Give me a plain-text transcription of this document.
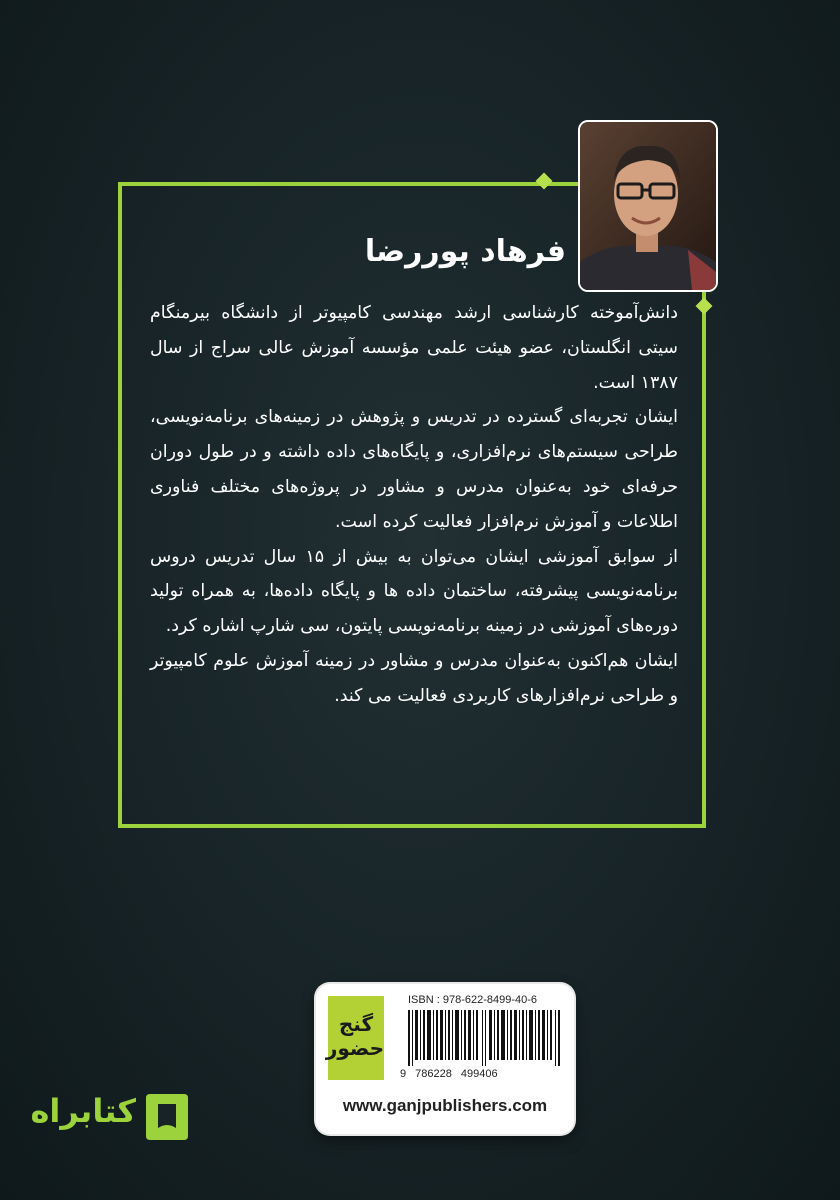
فرهاد پوررضا

دانش‌آموخته کارشناسی ارشد مهندسی کامپیوتر از دانشگاه بیرمنگام سیتی انگلستان، عضو هیئت علمی مؤسسه آموزش عالی سراج از سال ۱۳۸۷ است.

ایشان تجربه‌ای گسترده در تدریس و پژوهش در زمینه‌های برنامه‌نویسی، طراحی سیستم‌های نرم‌افزاری، و پایگاه‌های داده داشته و در طول دوران حرفه‌ای خود به‌عنوان مدرس و مشاور در پروژه‌های مختلف فناوری اطلاعات و آموزش نرم‌افزار فعالیت کرده است.

از سوابق آموزشی ایشان می‌توان به بیش از ۱۵ سال تدریس دروس برنامه‌نویسی پیشرفته، ساختمان داده ها و پایگاه داده‌ها، به همراه تولید دوره‌های آموزشی در زمینه برنامه‌نویسی پایتون، سی شارپ اشاره کرد.

ایشان هم‌اکنون به‌عنوان مدرس و مشاور در زمینه آموزش علوم کامپیوتر و طراحی نرم‌افزارهای کاربردی فعالیت می کند.

گنج حضور
ISBN : 978-622-8499-40-6
9 786228 499406
www.ganjpublishers.com
کتابراه
